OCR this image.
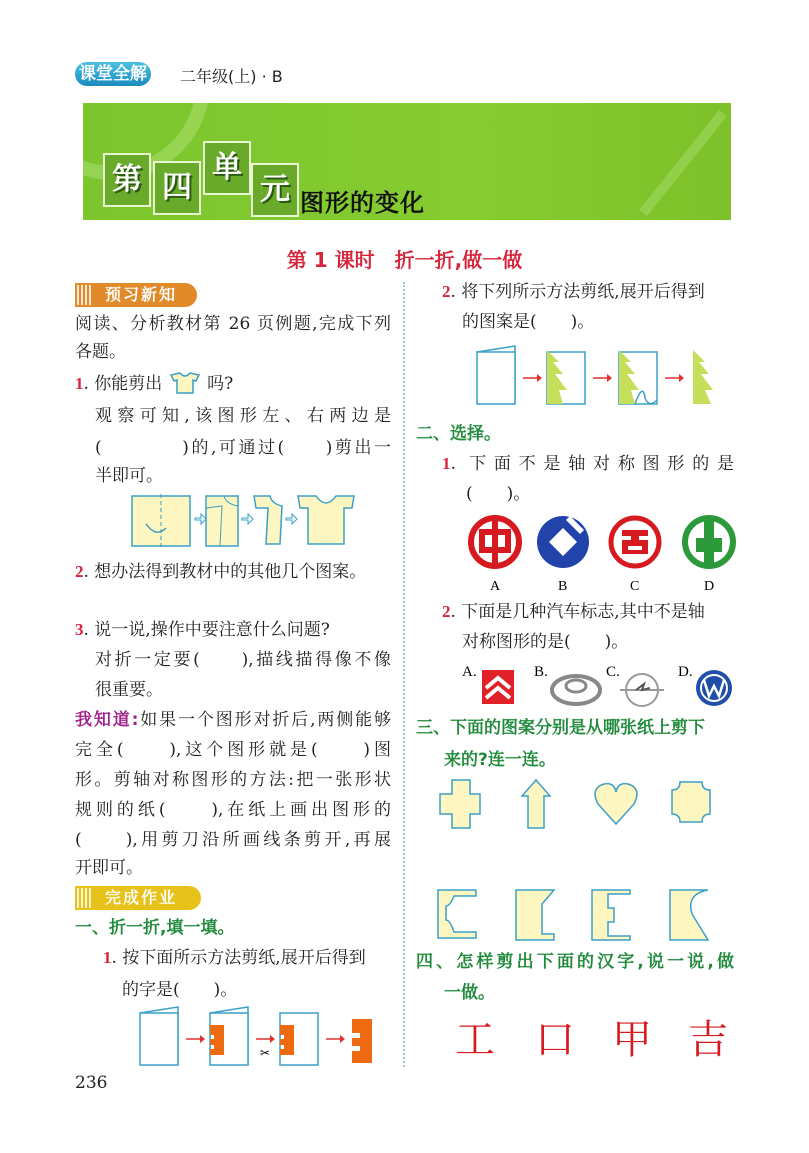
课堂全解 二年级(上) · B
第 四
单
元 图形的变化
第 1 课时　折一折,做一做
预习新知
阅读、分析教材第 26 页例题,完成下列
各题。
1. 你能剪出	吗?
观察可知,该图形左、右两边是
(　　　　)的,可通过(　　)剪出一
半即可。
2. 想办法得到教材中的其他几个图案。
3. 说一说,操作中要注意什么问题?
对折一定要(　　),描线描得像不像
很重要。
我知道:如果一个图形对折后,两侧能够
完全(　　),这个图形就是(　　)图
形。剪轴对称图形的方法:把一张形状
规则的纸(　　),在纸上画出图形的
(　　),用剪刀沿所画线条剪开,再展
开即可。
完成作业
一、折一折,填一填。
1. 按下面所示方法剪纸,展开后得到
的字是(　　)。
✂
236
2. 将下列所示方法剪纸,展开后得到
的图案是(　　)。
二、选择。
1. 下面不是轴对称图形的是
(　　)。
A	B	C	D
2. 下面是几种汽车标志,其中不是轴
对称图形的是(　　)。
A.	B.	C.	D.
三、下面的图案分别是从哪张纸上剪下
来的?连一连。
四、怎样剪出下面的汉字,说一说,做
一做。
工 口 甲 吉
